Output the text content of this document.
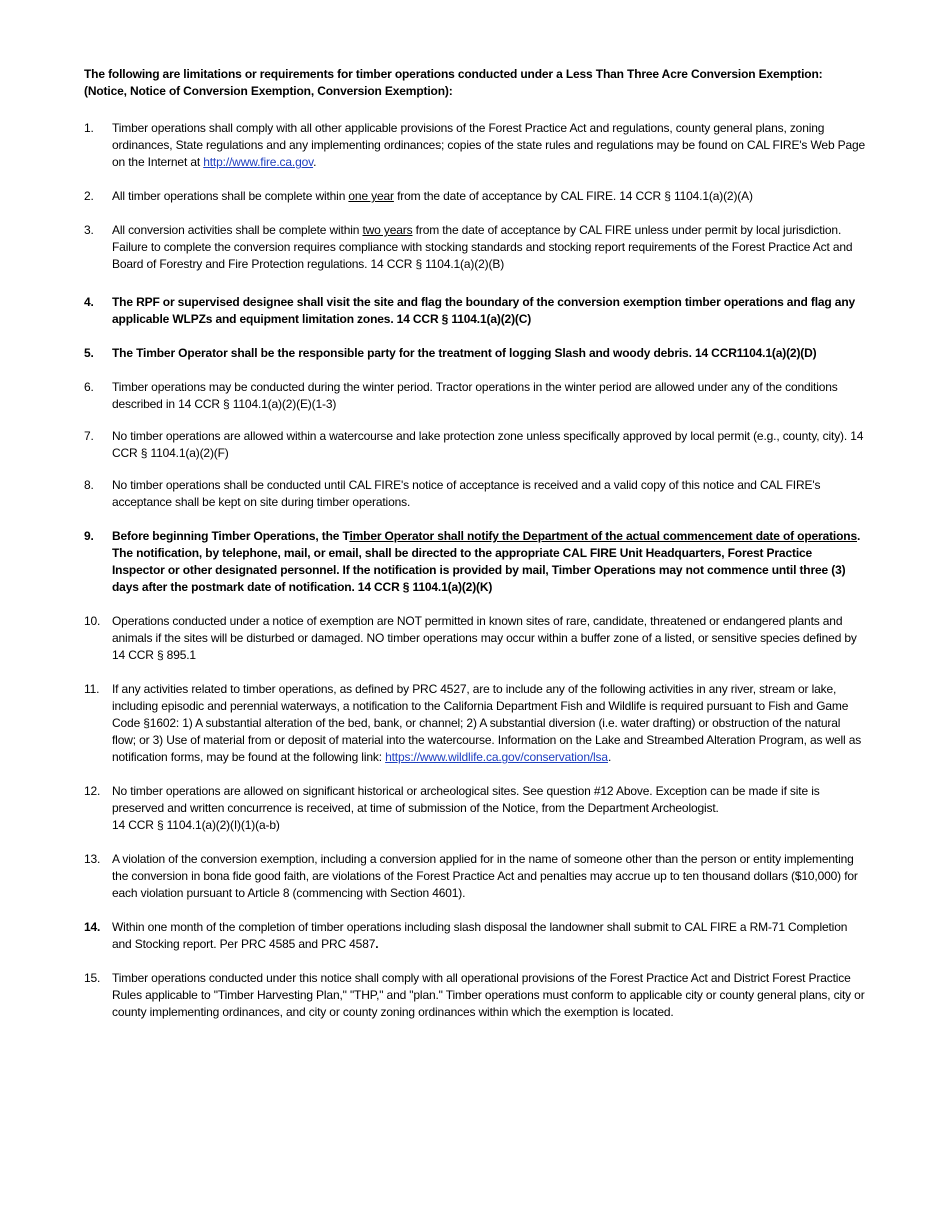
The following are limitations or requirements for timber operations conducted under a Less Than Three Acre Conversion Exemption: (Notice, Notice of Conversion Exemption, Conversion Exemption):

1. Timber operations shall comply with all other applicable provisions of the Forest Practice Act and regulations, county general plans, zoning ordinances, State regulations and any implementing ordinances; copies of the state rules and regulations may be found on CAL FIRE's Web Page on the Internet at http://www.fire.ca.gov.

2. All timber operations shall be complete within one year from the date of acceptance by CAL FIRE. 14 CCR § 1104.1(a)(2)(A)

3. All conversion activities shall be complete within two years from the date of acceptance by CAL FIRE unless under permit by local jurisdiction. Failure to complete the conversion requires compliance with stocking standards and stocking report requirements of the Forest Practice Act and Board of Forestry and Fire Protection regulations. 14 CCR § 1104.1(a)(2)(B)

4. The RPF or supervised designee shall visit the site and flag the boundary of the conversion exemption timber operations and flag any applicable WLPZs and equipment limitation zones. 14 CCR § 1104.1(a)(2)(C)

5. The Timber Operator shall be the responsible party for the treatment of logging Slash and woody debris. 14 CCR1104.1(a)(2)(D)

6. Timber operations may be conducted during the winter period. Tractor operations in the winter period are allowed under any of the conditions described in 14 CCR § 1104.1(a)(2)(E)(1-3)

7. No timber operations are allowed within a watercourse and lake protection zone unless specifically approved by local permit (e.g., county, city). 14 CCR § 1104.1(a)(2)(F)

8. No timber operations shall be conducted until CAL FIRE's notice of acceptance is received and a valid copy of this notice and CAL FIRE's acceptance shall be kept on site during timber operations.

9. Before beginning Timber Operations, the Timber Operator shall notify the Department of the actual commencement date of operations. The notification, by telephone, mail, or email, shall be directed to the appropriate CAL FIRE Unit Headquarters, Forest Practice Inspector or other designated personnel. If the notification is provided by mail, Timber Operations may not commence until three (3) days after the postmark date of notification. 14 CCR § 1104.1(a)(2)(K)

10. Operations conducted under a notice of exemption are NOT permitted in known sites of rare, candidate, threatened or endangered plants and animals if the sites will be disturbed or damaged. NO timber operations may occur within a buffer zone of a listed, or sensitive species defined by 14 CCR § 895.1

11. If any activities related to timber operations, as defined by PRC 4527, are to include any of the following activities in any river, stream or lake, including episodic and perennial waterways, a notification to the California Department Fish and Wildlife is required pursuant to Fish and Game Code §1602: 1) A substantial alteration of the bed, bank, or channel; 2) A substantial diversion (i.e. water drafting) or obstruction of the natural flow; or 3) Use of material from or deposit of material into the watercourse. Information on the Lake and Streambed Alteration Program, as well as notification forms, may be found at the following link: https://www.wildlife.ca.gov/conservation/lsa.

12. No timber operations are allowed on significant historical or archeological sites. See question #12 Above. Exception can be made if site is preserved and written concurrence is received, at time of submission of the Notice, from the Department Archeologist.
14 CCR § 1104.1(a)(2)(I)(1)(a-b)

13. A violation of the conversion exemption, including a conversion applied for in the name of someone other than the person or entity implementing the conversion in bona fide good faith, are violations of the Forest Practice Act and penalties may accrue up to ten thousand dollars ($10,000) for each violation pursuant to Article 8 (commencing with Section 4601).

14. Within one month of the completion of timber operations including slash disposal the landowner shall submit to CAL FIRE a RM-71 Completion and Stocking report. Per PRC 4585 and PRC 4587.

15. Timber operations conducted under this notice shall comply with all operational provisions of the Forest Practice Act and District Forest Practice Rules applicable to "Timber Harvesting Plan," "THP," and "plan." Timber operations must conform to applicable city or county general plans, city or county implementing ordinances, and city or county zoning ordinances within which the exemption is located.
